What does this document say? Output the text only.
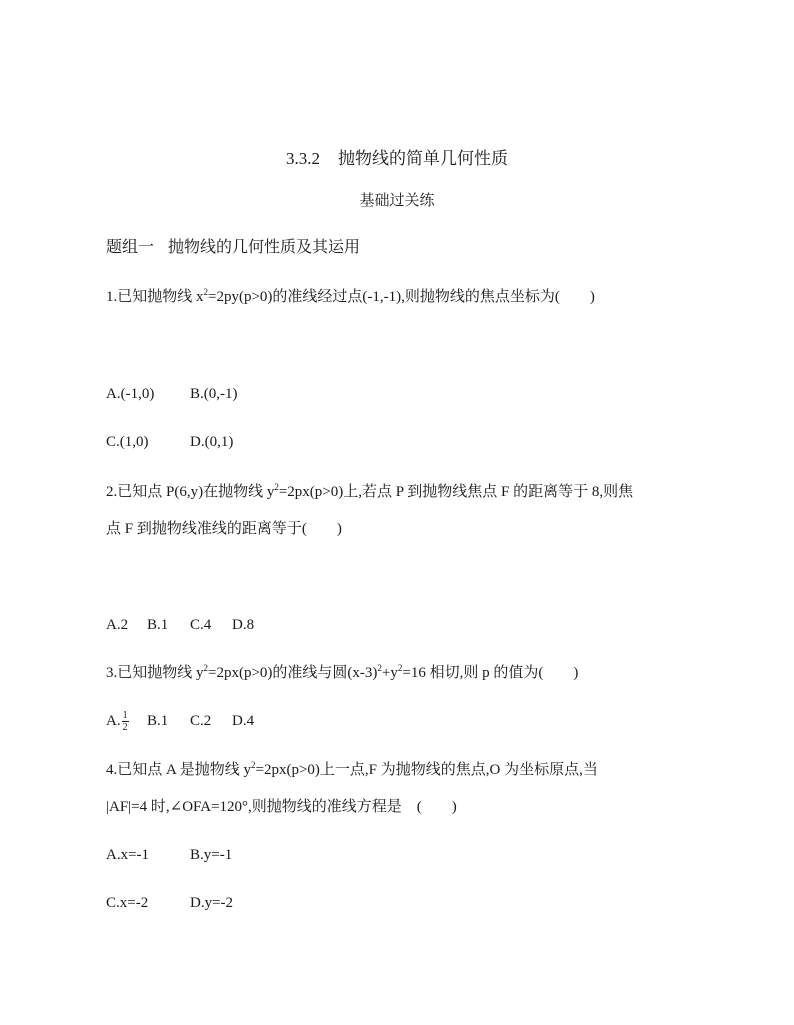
3.3.2 抛物线的简单几何性质
基础过关练
题组一 抛物线的几何性质及其运用
1.已知抛物线 $x^2=2py(p>0)$的准线经过点(-1,-1),则抛物线的焦点坐标为(　　)
A.(-1,0) B.(0,-1)
C.(1,0)	D.(0,1)
2.已知点 P(6,y)在抛物线 $y^2=2px(p>0)$上,若点 P 到抛物线焦点 F 的距离等于 8,则焦
点 F 到抛物线准线的距离等于(　　)
A.2 B.1 C.4 D.8
3.已知抛物线 $y^2=2px(p>0)$的准线与圆$(x-3)^2+y^2=16$ 相切,则 p 的值为(　　)
A. $\frac{1}{2} B.1$ C.2 D.4
4.已知点 A 是抛物线 $y^2=2px(p>0)$上一点,F 为抛物线的焦点,O 为坐标原点,当
|AF|=4 时,∠OFA=120°,则抛物线的准线方程是　(　　)
A.x=-1	B.y=-1
C.x=-2	D.y=-2
